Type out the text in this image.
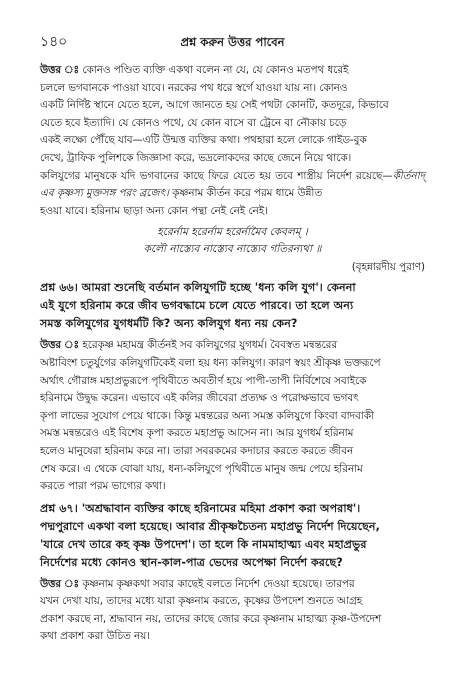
১৪০	প্রশ্ন করুন উত্তর পাবেন

উত্তর ঃ কোনও পণ্ডিত ব্যক্তি একথা বলেন না যে, যে কোনও মতপথ ধরেই
চললে ভগবানকে পাওয়া যাবে। নরকের পথ ধরে স্বর্গে যাওয়া যায় না। কোনও
একটি নির্দিষ্ট স্থানে যেতে হলে, আগে জানতে হয় সেই পথটা কোনটি, কতদূরে, কিভাবে
যেতে হবে ইত্যাদি। যে কোনও পথে, যে কোন বাসে বা ট্রেনে বা নৌকায় চড়ে
একই লক্ষ্যে পৌঁছে যাব—এটি উন্মত্ত ব্যক্তির কথা। পথহারা হলে লোকে গাইড-বুক
দেখে, ট্রাফিক পুলিশকে জিজ্ঞাসা করে, ভদ্রলোকদের কাছে জেনে নিয়ে থাকে।
কলিযুগের মানুষকে যদি ভগবানের কাছে ফিরে যেতে হয় তবে শাস্ত্রীয় নির্দেশ রয়েছে—কীর্তনাদ্ এব কৃষ্ণস্য মুক্তসঙ্গ পরং ব্রজেৎ। কৃষ্ণনাম কীর্তন করে পরম ধামে উন্নীত
হওয়া যাবে। হরিনাম ছাড়া অন্য কোন পন্থা নেই নেই নেই।

হরের্নাম হরের্নাম হরের্নামৈব কেবলম্ ।

কলৌ নাস্ত্যেব নাস্ত্যেব নাস্ত্যেব গতিরন্যথা ॥

(বৃহন্নারদীয় পুরাণ)

প্রশ্ন ৬৬। আমরা শুনেছি বর্তমান কলিযুগটি হচ্ছে 'ধন্য কলি যুগ'। কেননা
এই যুগে হরিনাম করে জীব ভগবদ্ধামে চলে যেতে পারবে। তা হলে অন্য
সমস্ত কলিযুগের যুগধর্মটি কি? অন্য কলিযুগ ধন্য নয় কেন?

উত্তর ঃ হরেকৃষ্ণ মহামন্ত্র কীর্তনই সব কলিযুগের যুগধর্ম। বৈবস্বত মন্বন্তরের
অষ্টাবিংশ চতুর্যুগের কলিযুগটিকেই বলা হয় ধন্য কলিযুগ। কারণ স্বয়ং শ্রীকৃষ্ণ ভক্তরূপে
অর্থাৎ গৌরাঙ্গ মহাপ্রভুরূপে পৃথিবীতে অবতীর্ণ হয়ে পাপী-তাপী নির্বিশেষে সবাইকে
হরিনামে উদ্বুদ্ধ করেন। এভাবে এই কলির জীবেরা প্রত্যক্ষ ও পরোক্ষভাবে ভগবৎ
কৃপা লাভের সুযোগ পেয়ে থাকে। কিন্তু মন্বন্তরের অন্য সমস্ত কলিযুগে কিংবা বাদবাকী
সমস্ত মন্বন্তরেও এই বিশেষ কৃপা করতে মহাপ্রভু আসেন না। আর যুগধর্ম হরিনাম
হলেও মানুষেরা হরিনাম করে না। তারা সবরকমের কদাচার করতে করতে জীবন
শেষ করে। এ থেকে বোঝা যায়, ধন্য-কলিযুগে পৃথিবীতে মানুষ জন্ম পেয়ে হরিনাম
করতে পারা পরম ভাগ্যের কথা।

প্রশ্ন ৬৭। 'অশ্রদ্ধাবান ব্যক্তির কাছে হরিনামের মহিমা প্রকাশ করা অপরাধ'।
পদ্মপুরাণে একথা বলা হয়েছে। আবার শ্রীকৃষ্ণচৈতন্য মহাপ্রভু নির্দেশ দিয়েছেন,
'যারে দেখ তারে কহ কৃষ্ণ উপদেশ'। তা হলে কি নামমাহাত্ম্য এবং মহাপ্রভুর
নির্দেশের মধ্যে কোনও স্থান-কাল-পাত্র ভেদের অপেক্ষা নির্দেশ করছে?

উত্তর ঃ কৃষ্ণনাম কৃষ্ণকথা সবার কাছেই বলতে নির্দেশ দেওয়া হয়েছে। তারপর
যখন দেখা যায়, তাদের মধ্যে যারা কৃষ্ণনাম করতে, কৃষ্ণের উপদেশ শুনতে আগ্রহ
প্রকাশ করছে না, শ্রদ্ধাবান নয়, তাদের কাছে জোর করে কৃষ্ণনাম মাহাত্ম্য কৃষ্ণ-উপদেশ
কথা প্রকাশ করা উচিত নয়।
